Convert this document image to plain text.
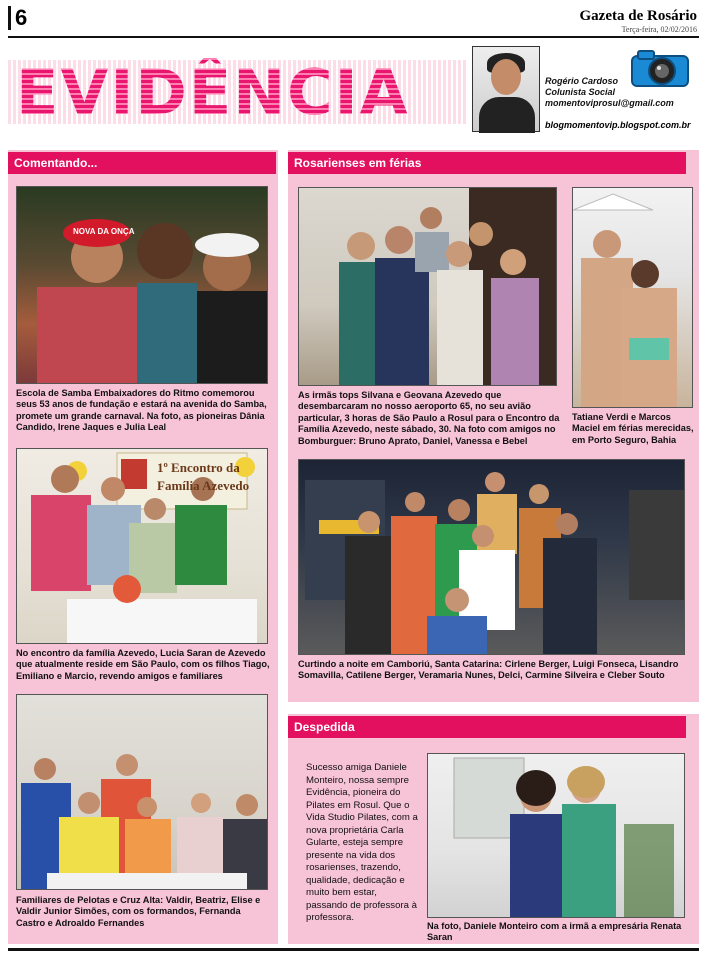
6	Gazeta de Rosário
Terça-feira, 02/02/2016
EVIDÊNCIA	Rogério Cardoso
Colunista Social
momentoviprosul@gmail.com
blogmomentovip.blogspot.com.br
Comentando...
NOVA DA ONÇA
Escola de Samba Embaixadores do Ritmo comemorou seus 53 anos de fundação e estará na avenida do Samba, promete um grande carnaval. Na foto, as pioneiras Dânia Candido, Irene Jaques e Julia Leal
1º Encontro da Família Azevedo
No encontro da família Azevedo, Lucia Saran de Azevedo que atualmente reside em São Paulo, com os filhos Tiago, Emiliano e Marcio, revendo amigos e familiares
Familiares de Pelotas e Cruz Alta: Valdir, Beatriz, Elise e Valdir Junior Simões, com os formandos, Fernanda Castro e Adroaldo Fernandes
Rosarienses em férias
As irmãs tops Silvana e Geovana Azevedo que desembarcaram no nosso aeroporto 65, no seu avião particular, 3 horas de São Paulo a Rosul para o Encontro da Família Azevedo, neste sábado, 30. Na foto com amigos no Bomburguer: Bruno Aprato, Daniel, Vanessa e Bebel
Tatiane Verdi e Marcos Maciel em férias merecidas, em Porto Seguro, Bahia
Curtindo a noite em Camboriú, Santa Catarina: Cirlene Berger, Luigi Fonseca, Lisandro Somavilla, Catilene Berger, Veramaria Nunes, Delci, Carmine Silveira e Cleber Souto
Despedida
Sucesso amiga Daniele Monteiro, nossa sempre Evidência, pioneira do Pilates em Rosul. Que o Vida Studio Pilates, com a nova proprietária Carla Gularte, esteja sempre presente na vida dos rosarienses, trazendo, qualidade, dedicação e muito bem estar, passando de professora à professora.
Na foto, Daniele Monteiro com a irmã a empresária Renata Saran
